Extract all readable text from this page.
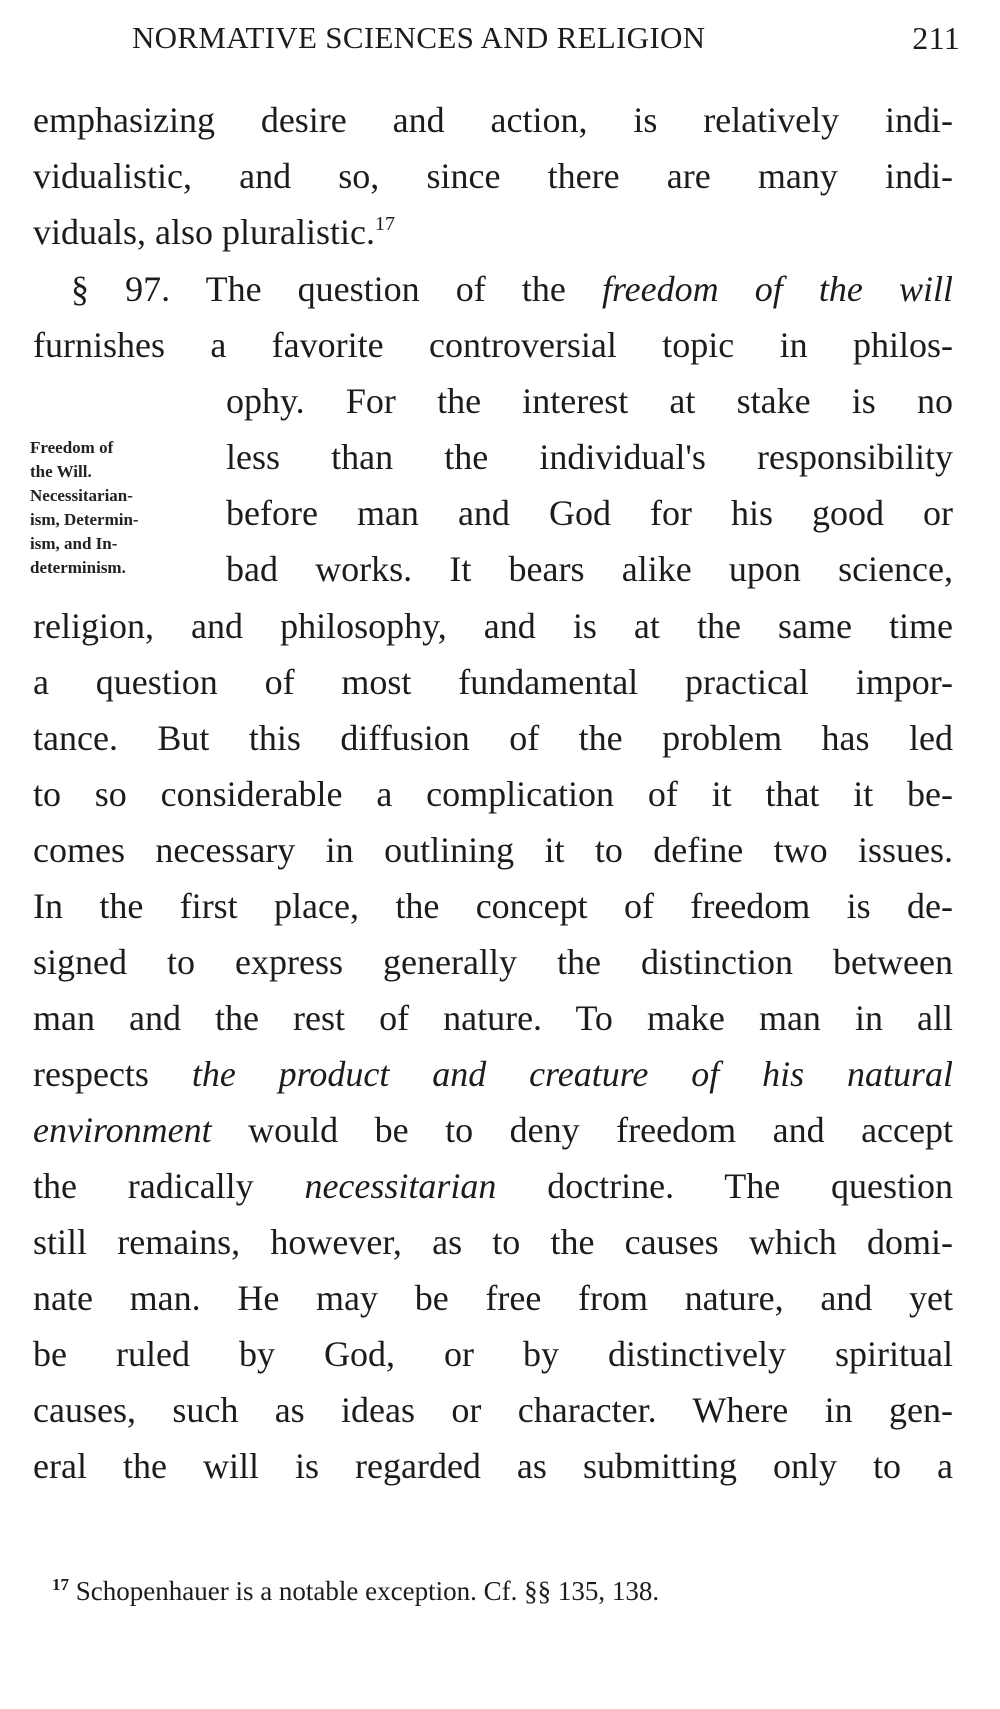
NORMATIVE SCIENCES AND RELIGION	211
emphasizing desire and action, is relatively indi-
vidualistic, and so, since there are many indi-
viduals, also pluralistic.$^{17}$
§ 97. The question of the freedom of the will
furnishes a favorite controversial topic in philos-
Freedom of
the Will.
Necessitarian-
ism, Determin-
ism, and In-
determinism.
ophy. For the interest at stake is no
less than the individual's responsibility
before man and God for his good or
bad works. It bears alike upon science,
religion, and philosophy, and is at the same time
a question of most fundamental practical impor-
tance. But this diffusion of the problem has led
to so considerable a complication of it that it be-
comes necessary in outlining it to define two issues.
In the first place, the concept of freedom is de-
signed to express generally the distinction between
man and the rest of nature. To make man in all
respects the product and creature of his natural
environment would be to deny freedom and accept
the radically necessitarian doctrine. The question
still remains, however, as to the causes which domi-
nate man. He may be free from nature, and yet
be ruled by God, or by distinctively spiritual
causes, such as ideas or character. Where in gen-
eral the will is regarded as submitting only to a
$^{17}$ Schopenhauer is a notable exception. Cf. §§ 135, 138.
